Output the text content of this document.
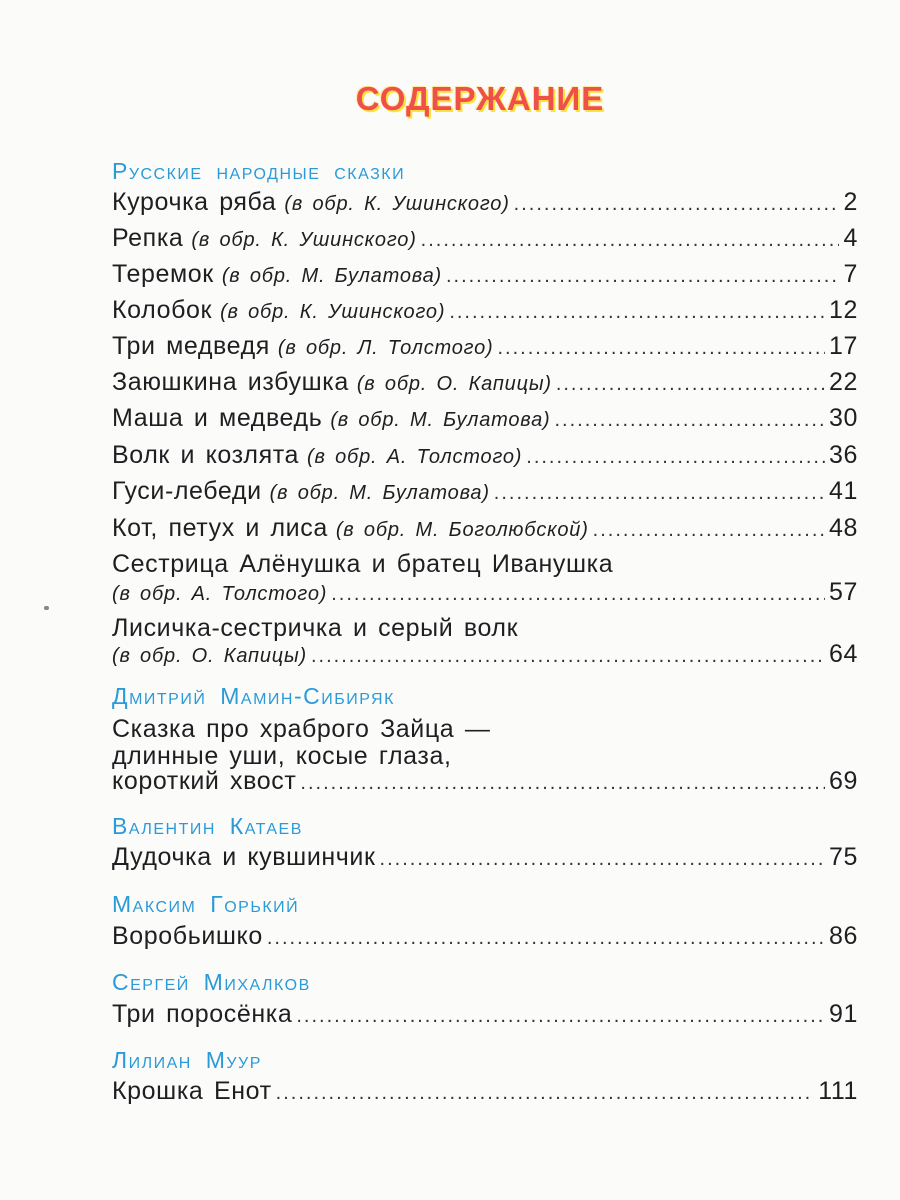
СОДЕРЖАНИЕ
Русские народные сказки
Курочка ряба (в обр. К. Ушинского) .....	2
Репка (в обр. К. Ушинского) .....	4
Теремок (в обр. М. Булатова) .....	7
Колобок (в обр. К. Ушинского) .....	12
Три медведя (в обр. Л. Толстого) .....	17
Заюшкина избушка (в обр. О. Капицы) .....	22
Маша и медведь (в обр. М. Булатова) .....	30
Волк и козлята (в обр. А. Толстого) .....	36
Гуси-лебеди (в обр. М. Булатова) .....	41
Кот, петух и лиса (в обр. М. Боголюбской) .....	48
Сестрица Алёнушка и братец Иванушка
(в обр. А. Толстого) .....	57
Лисичка-сестричка и серый волк
(в обр. О. Капицы) .....	64
Дмитрий Мамин-Сибиряк
Сказка про храброго Зайца —
длинные уши, косые глаза,
короткий хвост .....	69
Валентин Катаев
Дудочка и кувшинчик .....	75
Максим Горький
Воробьишко .....	86
Сергей Михалков
Три поросёнка .....	91
Лилиан Муур
Крошка Енот .....	111
